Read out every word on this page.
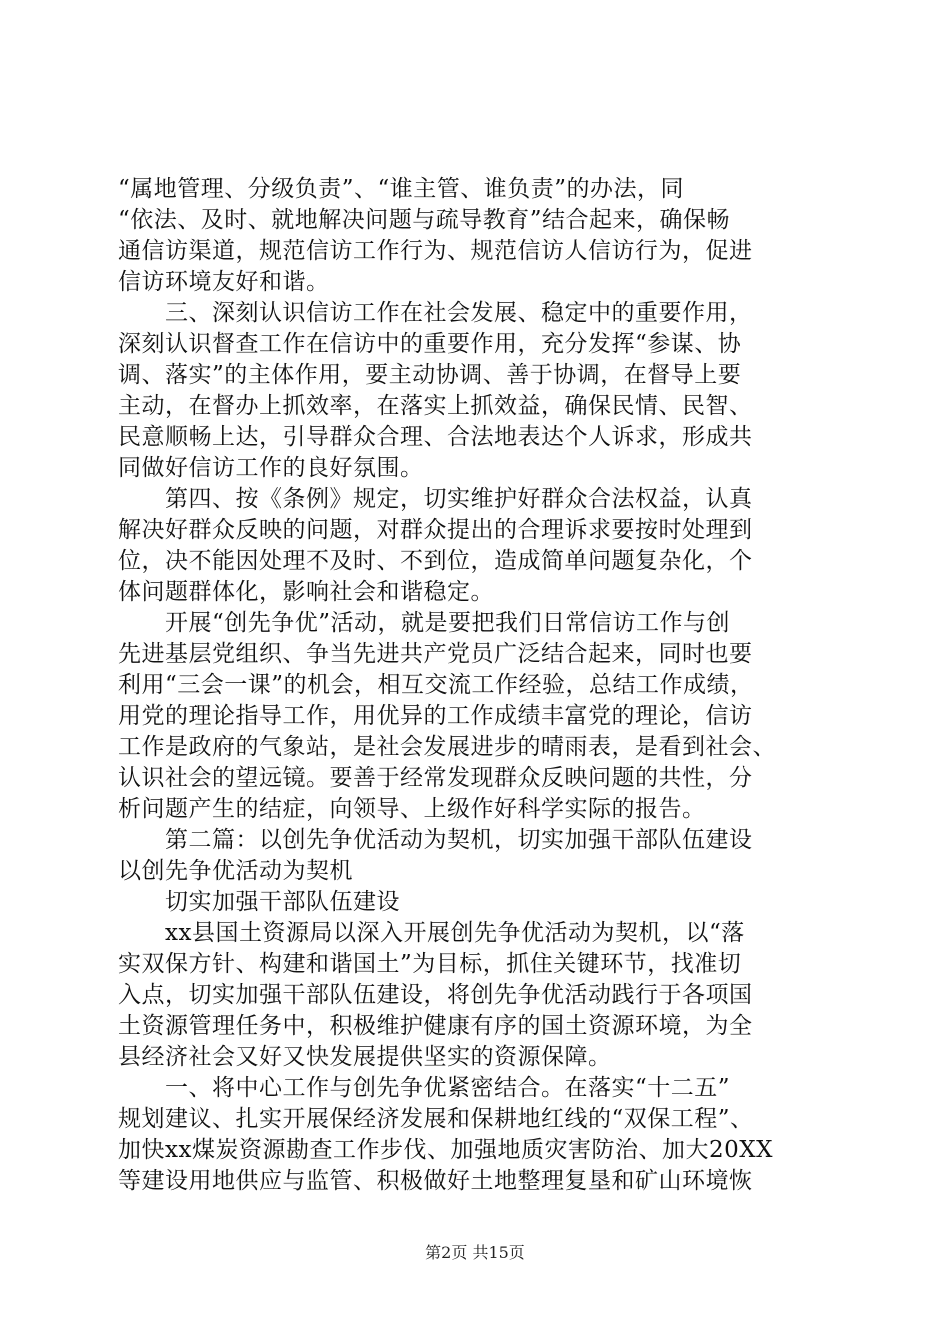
“属地管理、分级负责”、“谁主管、谁负责”的办法，同
“依法、及时、就地解决问题与疏导教育”结合起来，确保畅
通信访渠道，规范信访工作行为、规范信访人信访行为，促进
信访环境友好和谐。
　　三、深刻认识信访工作在社会发展、稳定中的重要作用，
深刻认识督查工作在信访中的重要作用，充分发挥“参谋、协
调、落实”的主体作用，要主动协调、善于协调，在督导上要
主动，在督办上抓效率，在落实上抓效益，确保民情、民智、
民意顺畅上达，引导群众合理、合法地表达个人诉求，形成共
同做好信访工作的良好氛围。
　　第四、按《条例》规定，切实维护好群众合法权益，认真
解决好群众反映的问题，对群众提出的合理诉求要按时处理到
位，决不能因处理不及时、不到位，造成简单问题复杂化，个
体问题群体化，影响社会和谐稳定。
　　开展“创先争优”活动，就是要把我们日常信访工作与创
先进基层党组织、争当先进共产党员广泛结合起来，同时也要
利用“三会一课”的机会，相互交流工作经验，总结工作成绩，
用党的理论指导工作，用优异的工作成绩丰富党的理论，信访
工作是政府的气象站，是社会发展进步的晴雨表，是看到社会、
认识社会的望远镜。要善于经常发现群众反映问题的共性，分
析问题产生的结症，向领导、上级作好科学实际的报告。
　　第二篇：以创先争优活动为契机，切实加强干部队伍建设
以创先争优活动为契机
　　切实加强干部队伍建设
　　xx县国土资源局以深入开展创先争优活动为契机，以“落
实双保方针、构建和谐国土”为目标，抓住关键环节，找准切
入点，切实加强干部队伍建设，将创先争优活动践行于各项国
土资源管理任务中，积极维护健康有序的国土资源环境，为全
县经济社会又好又快发展提供坚实的资源保障。
　　一、将中心工作与创先争优紧密结合。在落实“十二五”
规划建议、扎实开展保经济发展和保耕地红线的“双保工程”、
加快xx煤炭资源勘查工作步伐、加强地质灾害防治、加大20XX
等建设用地供应与监管、积极做好土地整理复垦和矿山环境恢
第2页 共15页
